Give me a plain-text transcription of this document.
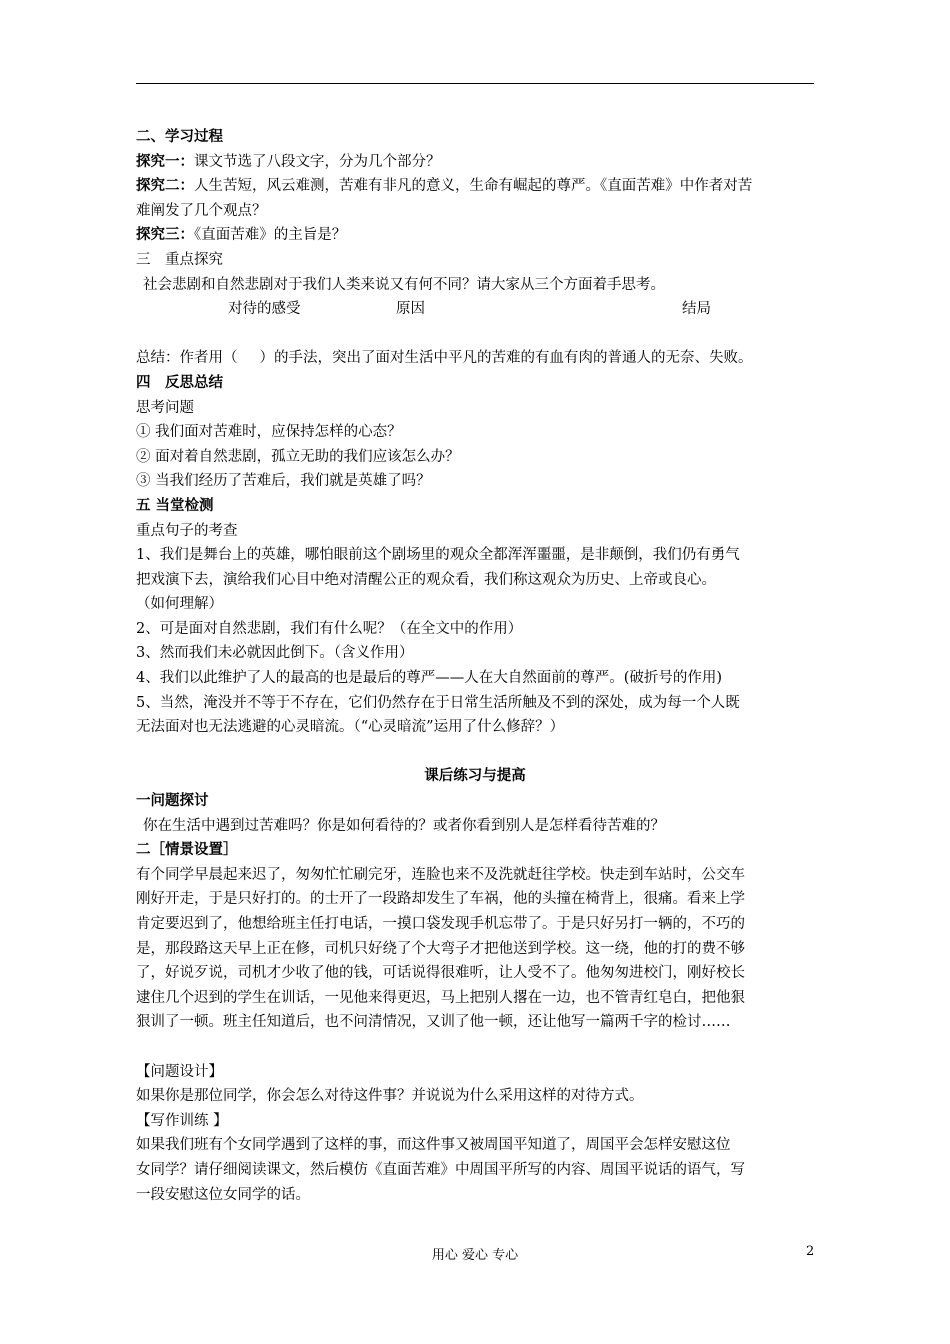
二、学习过程
探究一：课文节选了八段文字，分为几个部分？
探究二：人生苦短，风云难测，苦难有非凡的意义，生命有崛起的尊严。《直面苦难》中作者对苦
难阐发了几个观点？
探究三：《直面苦难》的主旨是？
三　重点探究
社会悲剧和自然悲剧对于我们人类来说又有何不同？请大家从三个方面着手思考。
对待的感受	原因	结局
总结：作者用（ ）的手法，突出了面对生活中平凡的苦难的有血有肉的普通人的无奈、失败。
四　反思总结
思考问题
① 我们面对苦难时，应保持怎样的心态？
② 面对着自然悲剧，孤立无助的我们应该怎么办？
③ 当我们经历了苦难后，我们就是英雄了吗？
五 当堂检测
重点句子的考查
1、我们是舞台上的英雄，哪怕眼前这个剧场里的观众全都浑浑噩噩，是非颠倒，我们仍有勇气
把戏演下去，演给我们心目中绝对清醒公正的观众看，我们称这观众为历史、上帝或良心。
（如何理解）
2、可是面对自然悲剧，我们有什么呢？（在全文中的作用）
3、然而我们未必就因此倒下。（含义作用）
4、我们以此维护了人的最高的也是最后的尊严——人在大自然面前的尊严。(破折号的作用)
5、当然，淹没并不等于不存在，它们仍然存在于日常生活所触及不到的深处，成为每一个人既
无法面对也无法逃避的心灵暗流。（“心灵暗流”运用了什么修辞？）
课后练习与提高
一问题探讨
你在生活中遇到过苦难吗？你是如何看待的？或者你看到别人是怎样看待苦难的？
二［情景设置］
有个同学早晨起来迟了，匆匆忙忙刷完牙，连脸也来不及洗就赶往学校。快走到车站时，公交车
刚好开走，于是只好打的。的士开了一段路却发生了车祸，他的头撞在椅背上，很痛。看来上学
肯定要迟到了，他想给班主任打电话，一摸口袋发现手机忘带了。于是只好另打一辆的，不巧的
是，那段路这天早上正在修，司机只好绕了个大弯子才把他送到学校。这一绕，他的打的费不够
了，好说歹说，司机才少收了他的钱，可话说得很难听，让人受不了。他匆匆进校门，刚好校长
逮住几个迟到的学生在训话，一见他来得更迟，马上把别人撂在一边，也不管青红皂白，把他狠
狠训了一顿。班主任知道后，也不问清情况，又训了他一顿，还让他写一篇两千字的检讨……
【问题设计】
如果你是那位同学，你会怎么对待这件事？并说说为什么采用这样的对待方式。
【写作训练 】
如果我们班有个女同学遇到了这样的事，而这件事又被周国平知道了，周国平会怎样安慰这位
女同学？请仔细阅读课文，然后模仿《直面苦难》中周国平所写的内容、周国平说话的语气，写
一段安慰这位女同学的话。
用心 爱心 专心	2
